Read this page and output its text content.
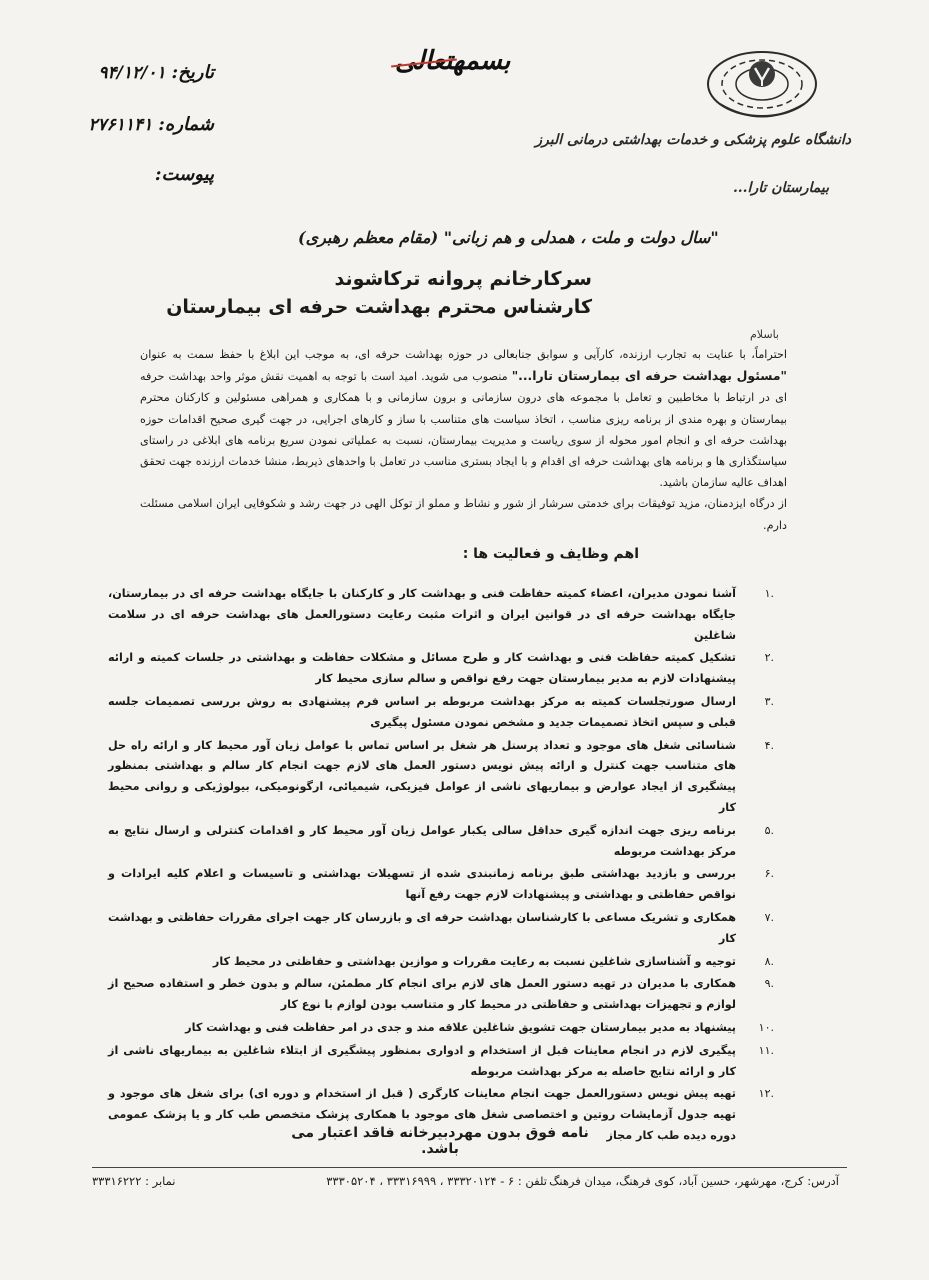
دانشگاه علوم پزشکی و خدمات بهداشتی درمانی البرز
بیمارستان تارا...
بسمهتعالی
تاریخ: ۹۴/۱۲/۰۱
شماره: ۲۷۶۱۱۴۱
پیوست:
"سال دولت و ملت ، همدلی و هم زبانی" (مقام معظم رهبری)
سرکارخانم پروانه ترکاشوند
کارشناس محترم بهداشت حرفه ای بیمارستان
باسلام

احتراماً، با عنایت به تجارب ارزنده، کارآیی و سوابق جنابعالی در حوزه بهداشت حرفه ای، به موجب این ابلاغ با حفظ سمت به عنوان "مسئول بهداشت حرفه ای بیمارستان تارا..." منصوب می شوید. امید است با توجه به اهمیت نقش موثر واحد بهداشت حرفه ای در ارتباط با مخاطبین و تعامل با مجموعه های درون سازمانی و برون سازمانی و با همکاری و همراهی مسئولین و کارکنان محترم بیمارستان و بهره مندی از برنامه ریزی مناسب ، اتخاذ سیاست های متناسب با ساز و کارهای اجرایی، در جهت گیری صحیح اقدامات حوزه بهداشت حرفه ای و انجام امور محوله از سوی ریاست و مدیریت بیمارستان، نسبت به عملیاتی نمودن سریع برنامه های ابلاغی در راستای سیاستگذاری ها و برنامه های بهداشت حرفه ای اقدام و با ایجاد بستری مناسب در تعامل با واحدهای ذیربط، منشا خدمات ارزنده جهت تحقق اهداف عالیه سازمان باشید.

از درگاه ایزدمنان، مزید توفیقات برای خدمتی سرشار از شور و نشاط و مملو از توکل الهی در جهت رشد و شکوفایی ایران اسلامی مسئلت دارم.

اهم وظایف و فعالیت ها :
.۱
آشنا نمودن مدیران، اعضاء کمیته حفاظت فنی و بهداشت کار و کارکنان با جایگاه بهداشت حرفه ای در بیمارستان، جایگاه بهداشت حرفه ای در قوانین ایران و اثرات مثبت رعایت دستورالعمل های بهداشت حرفه ای در سلامت شاغلین
.۲
تشکیل کمیته حفاظت فنی و بهداشت کار و طرح مسائل و مشکلات حفاظت و بهداشتی در جلسات کمیته و ارائه پیشنهادات لازم به مدیر بیمارستان جهت رفع نواقص و سالم سازی محیط کار
.۳
ارسال صورتجلسات کمیته به مرکز بهداشت مربوطه بر اساس فرم پیشنهادی به روش بررسی تصمیمات جلسه قبلی و سپس اتخاذ تصمیمات جدید و مشخص نمودن مسئول پیگیری
.۴
شناسائی شغل های موجود و تعداد پرسنل هر شغل بر اساس تماس با عوامل زیان آور محیط کار و ارائه راه حل های متناسب جهت کنترل و ارائه پیش نویس دستور العمل های لازم جهت انجام کار سالم و بهداشتی بمنظور پیشگیری از ایجاد عوارض و بیماریهای ناشی از عوامل فیزیکی، شیمیائی، ارگونومیکی، بیولوژیکی و روانی محیط کار
.۵
برنامه ریزی جهت اندازه گیری حداقل سالی یکبار عوامل زیان آور محیط کار و اقدامات کنترلی و ارسال نتایج به مرکز بهداشت مربوطه
.۶
بررسی و بازدید بهداشتی طبق برنامه زمانبندی شده از تسهیلات بهداشتی و تاسیسات و اعلام کلیه ایرادات و نواقص حفاظتی و بهداشتی و پیشنهادات لازم جهت رفع آنها
.۷
همکاری و تشریک مساعی با کارشناسان بهداشت حرفه ای و بازرسان کار جهت اجرای مقررات حفاظتی و بهداشت کار
.۸
توجیه و آشناسازی شاغلین نسبت به رعایت مقررات و موازین بهداشتی و حفاظتی در محیط کار
.۹
همکاری با مدیران در تهیه دستور العمل های لازم برای انجام کار مطمئن، سالم و بدون خطر و استفاده صحیح از لوازم و تجهیزات بهداشتی و حفاظتی در محیط کار و متناسب بودن لوازم با نوع کار
.۱۰
پیشنهاد به مدیر بیمارستان جهت تشویق شاغلین علاقه مند و جدی در امر حفاظت فنی و بهداشت کار
.۱۱
پیگیری لازم در انجام معاینات قبل از استخدام و ادواری بمنظور پیشگیری از ابتلاء شاغلین به بیماریهای ناشی از کار و ارائه نتایج حاصله به مرکز بهداشت مربوطه
.۱۲
تهیه پیش نویس دستورالعمل جهت انجام معاینات کارگری ( قبل از استخدام و دوره ای) برای شغل های موجود و تهیه جدول آزمایشات روتین و اختصاصی شغل های موجود با همکاری پزشک متخصص طب کار و یا پزشک عمومی دوره دیده طب کار مجاز
نامه فوق بدون مهردبیرخانه فاقد اعتبار می باشد.
آدرس: کرج، مهرشهر، حسین آباد، کوی فرهنگ، میدان فرهنگ
تلفن : ۶ - ۳۳۳۲۰۱۲۴ ، ۳۳۳۱۶۹۹۹ ، ۳۳۳۰۵۲۰۴
نمابر : ۳۳۳۱۶۲۲۲
